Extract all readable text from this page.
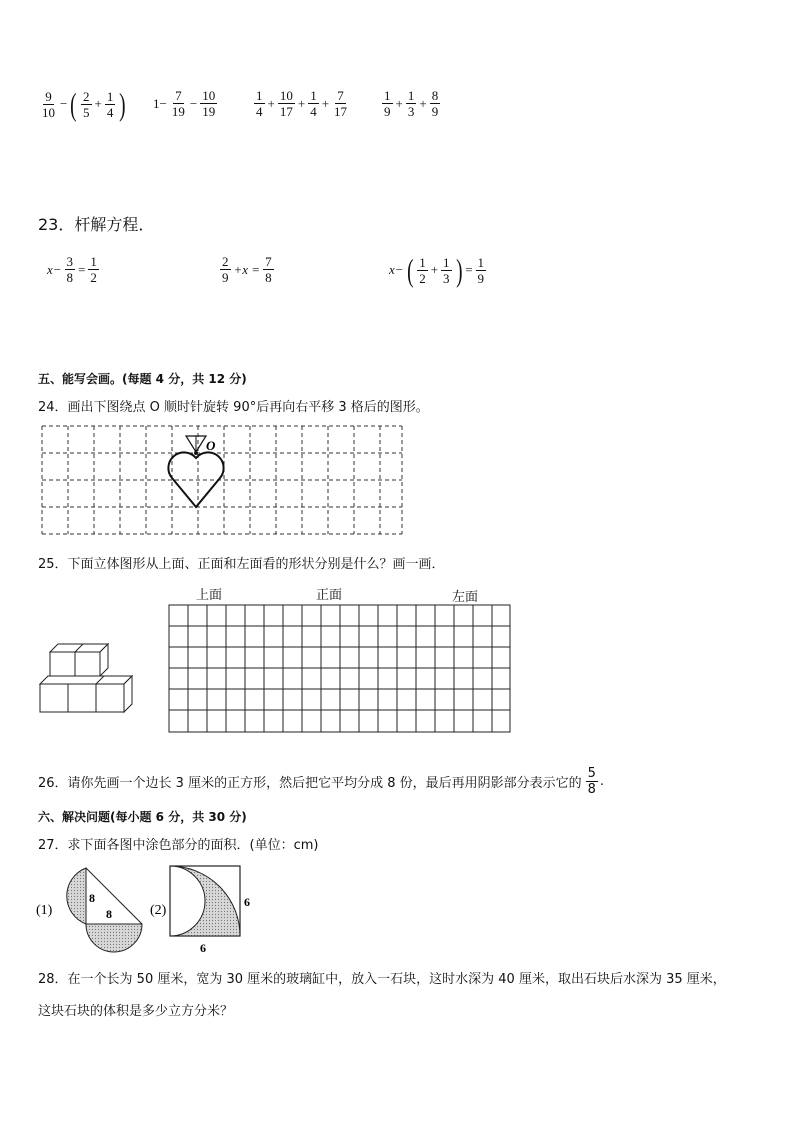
$\frac{9}{10}$ − ( $\frac{2}{5} + \frac{1}{4}$ ) $1- \frac{7}{19} - \frac{10}{19}$	$\frac{1}{4} + \frac{10}{17} + \frac{1}{4} + \frac{7}{17}$	$\frac{1}{9} + \frac{1}{3} + \frac{8}{9}$
23．杆解方程．
$x- \frac{3}{8} = \frac{1}{2}$	$\frac{2}{9} +x = \frac{7}{8}$	x− ( $\frac{1}{2} + \frac{1}{3}$ ) = $\frac{1}{9}$
五、能写会画。(每题 4 分，共 12 分)
24．画出下图绕点 O 顺时针旋转 90°后再向右平移 3 格后的图形。
O
25．下面立体图形从上面、正面和左面看的形状分别是什么？画一画．
上面	正面	左面
26．请你先画一个边长 3 厘米的正方形，然后把它平均分成 8 份，最后再用阴影部分表示它的 $\frac{5}{8}$ .
六、解决问题(每小题 6 分，共 30 分)
27．求下面各图中涂色部分的面积．(单位：cm)
(1)
8
8	(2)
6
6
28．在一个长为 50 厘米，宽为 30 厘米的玻璃缸中，放入一石块，这时水深为 40 厘米，取出石块后水深为 35 厘米，
这块石块的体积是多少立方分米？
